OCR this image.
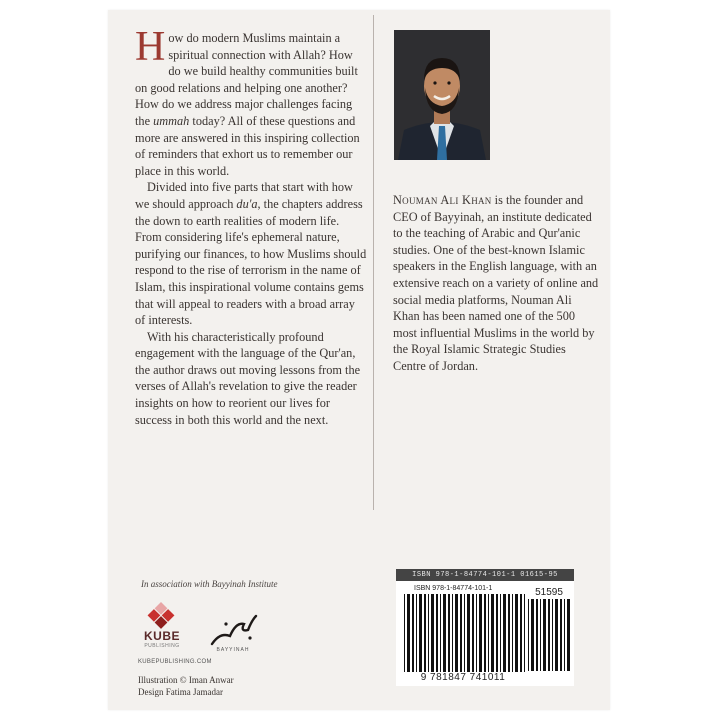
How do modern Muslims maintain a spiritual connection with Allah? How do we build healthy communities built on good relations and helping one another? How do we address major challenges facing the ummah today? All of these questions and more are answered in this inspiring collection of reminders that exhort us to remember our place in this world.

Divided into five parts that start with how we should approach du'a, the chapters address the down to earth realities of modern life. From considering life's ephemeral nature, purifying our finances, to how Muslims should respond to the rise of terrorism in the name of Islam, this inspirational volume contains gems that will appeal to readers with a broad array of interests.

With his characteristically profound engagement with the language of the Qur'an, the author draws out moving lessons from the verses of Allah's revelation to give the reader insights on how to reorient our lives for success in both this world and the next.

Nouman Ali Khan is the founder and CEO of Bayyinah, an institute dedicated to the teaching of Arabic and Qur'anic studies. One of the best-known Islamic speakers in the English language, with an extensive reach on a variety of online and social media platforms, Nouman Ali Khan has been named one of the 500 most influential Muslims in the world by the Royal Islamic Strategic Studies Centre of Jordan.
In association with Bayyinah Institute
KUBE
PUBLISHING
BAYYINAH
KUBEPUBLISHING.COM
Illustration © Iman Anwar
Design Fatima Jamadar
ISBN 978-1-84774-101-1 01615-95
ISBN 978-1-84774-101-1	51595
9 781847 741011
